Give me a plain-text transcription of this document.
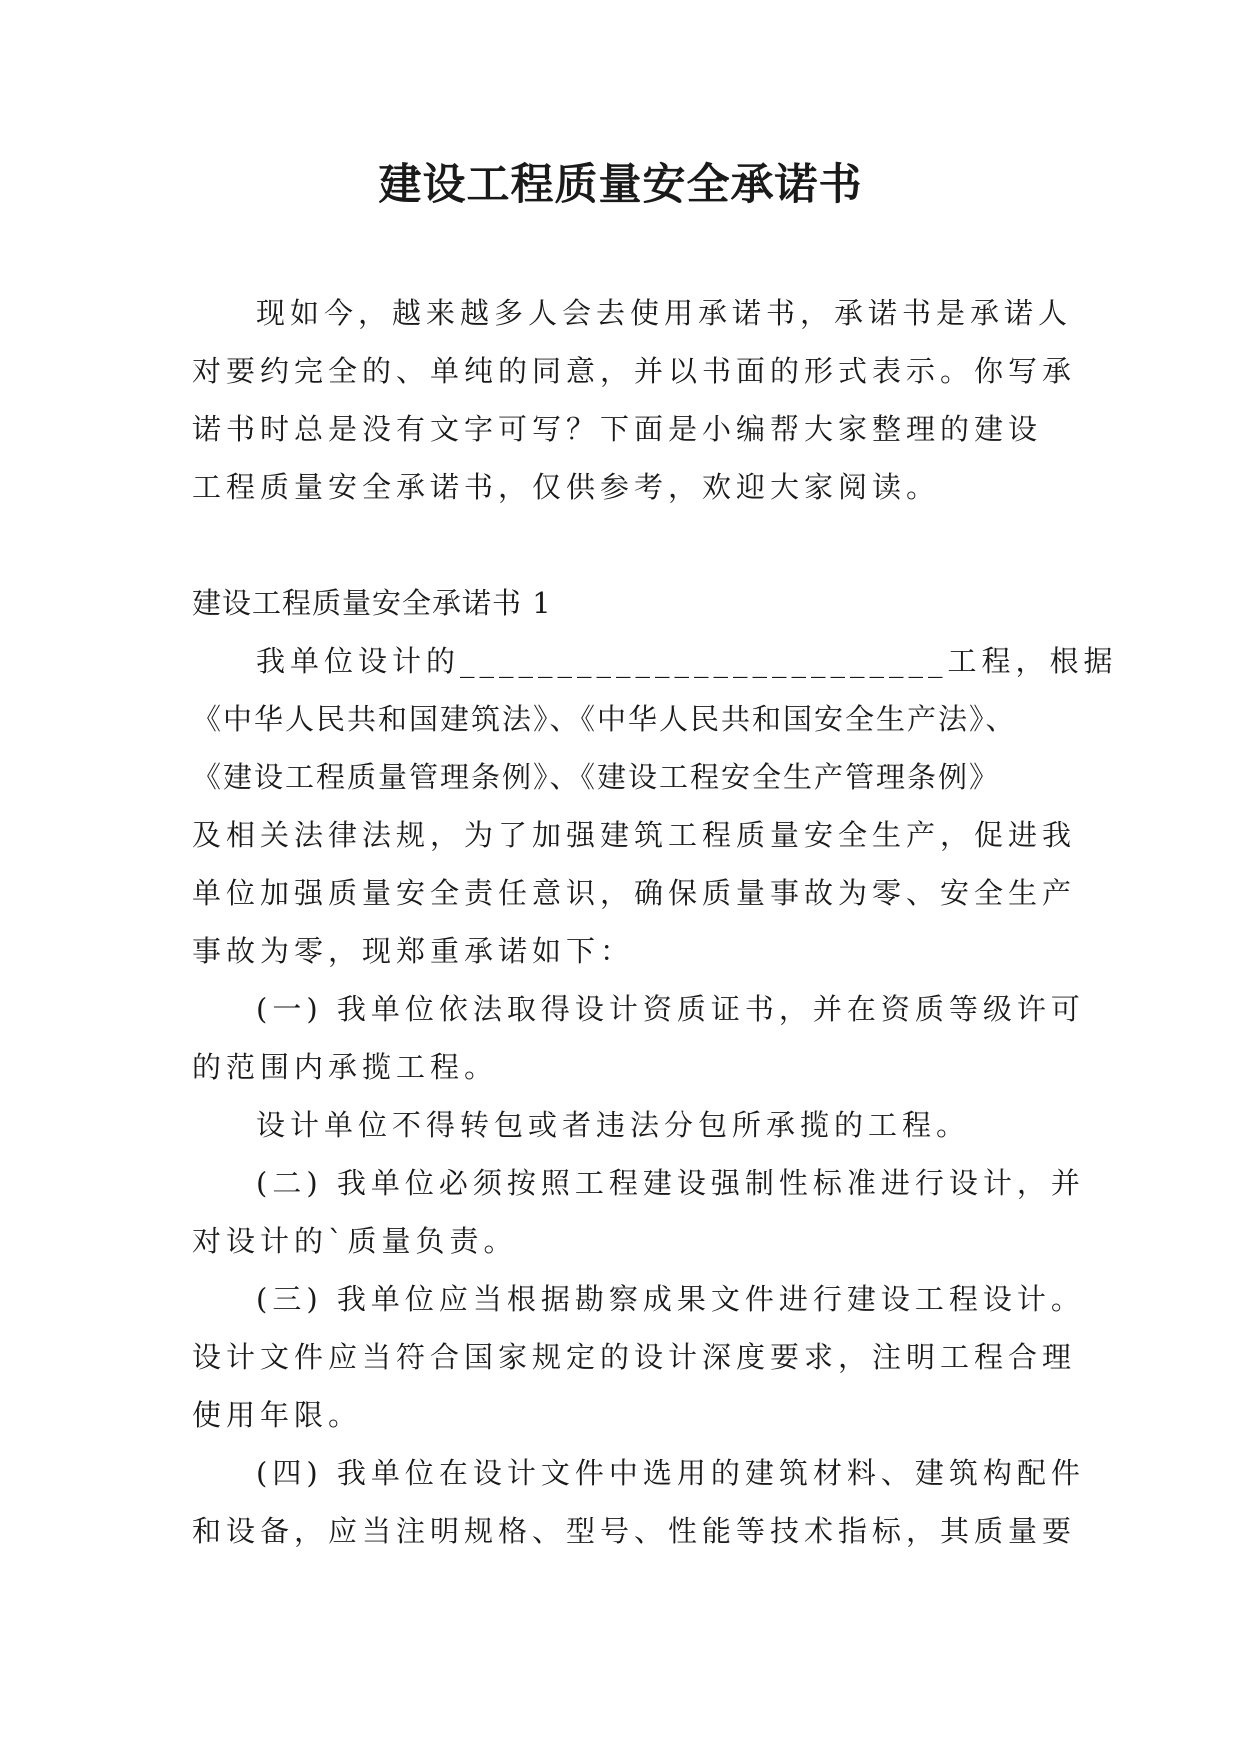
建设工程质量安全承诺书

现如今，越来越多人会去使用承诺书，承诺书是承诺人

对要约完全的、单纯的同意，并以书面的形式表示。你写承

诺书时总是没有文字可写？下面是小编帮大家整理的建设

工程质量安全承诺书，仅供参考，欢迎大家阅读。

建设工程质量安全承诺书 1

我单位设计的_________________________工程，根据

《中华人民共和国建筑法》、《中华人民共和国安全生产法》、

《建设工程质量管理条例》、《建设工程安全生产管理条例》

及相关法律法规，为了加强建筑工程质量安全生产，促进我

单位加强质量安全责任意识，确保质量事故为零、安全生产

事故为零，现郑重承诺如下：

(一) 我单位依法取得设计资质证书，并在资质等级许可

的范围内承揽工程。

设计单位不得转包或者违法分包所承揽的工程。

(二) 我单位必须按照工程建设强制性标准进行设计，并

对设计的`质量负责。

(三) 我单位应当根据勘察成果文件进行建设工程设计。

设计文件应当符合国家规定的设计深度要求，注明工程合理

使用年限。

(四) 我单位在设计文件中选用的建筑材料、建筑构配件

和设备，应当注明规格、型号、性能等技术指标，其质量要
